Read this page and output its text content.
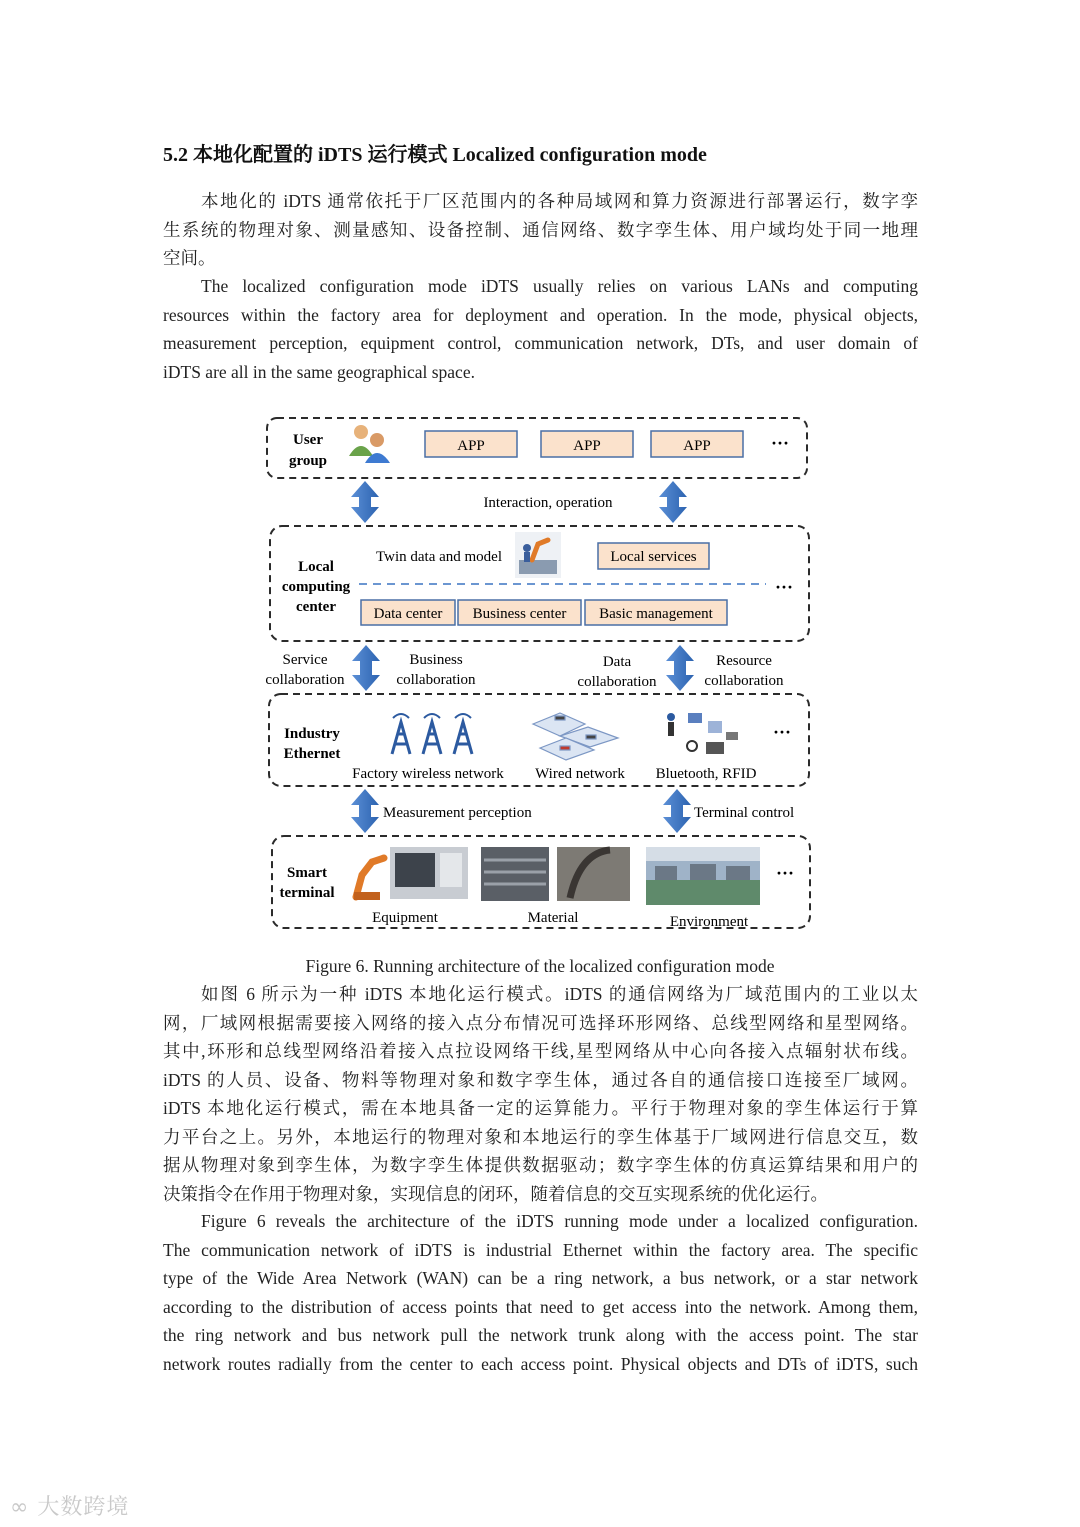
5.2 本地化配置的 iDTS 运行模式 Localized configuration mode
本地化的 iDTS 通常依托于厂区范围内的各种局域网和算力资源进行部署运行，数字孪
生系统的物理对象、测量感知、设备控制、通信网络、数字孪生体、用户域均处于同一地理
空间。
The localized configuration mode iDTS usually relies on various LANs and computing
resources within the factory area for deployment and operation. In the mode, physical objects,
measurement perception, equipment control, communication network, DTs, and user domain of
iDTS are all in the same geographical space.
User
group
APP	APP	APP	···
Interaction, operation
Local
computing
center
Twin data and model	Local services
···
Data center Business center Basic management
Service
collaboration
Business
collaboration
Data
collaboration
Resource
collaboration
Industry
Ethernet
···
Factory wireless network Wired network Bluetooth, RFID
Measurement perception	Terminal control
Smart
terminal
···
Equipment	Material	Environment
Figure 6. Running architecture of the localized configuration mode
如图 6 所示为一种 iDTS 本地化运行模式。iDTS 的通信网络为厂域范围内的工业以太
网，厂域网根据需要接入网络的接入点分布情况可选择环形网络、总线型网络和星型网络。
其中,环形和总线型网络沿着接入点拉设网络干线,星型网络从中心向各接入点辐射状布线。
iDTS 的人员、设备、物料等物理对象和数字孪生体，通过各自的通信接口连接至厂域网。
iDTS 本地化运行模式，需在本地具备一定的运算能力。平行于物理对象的孪生体运行于算
力平台之上。另外，本地运行的物理对象和本地运行的孪生体基于厂域网进行信息交互，数
据从物理对象到孪生体，为数字孪生体提供数据驱动；数字孪生体的仿真运算结果和用户的
决策指令在作用于物理对象，实现信息的闭环，随着信息的交互实现系统的优化运行。
Figure 6 reveals the architecture of the iDTS running mode under a localized configuration.
The communication network of iDTS is industrial Ethernet within the factory area. The specific
type of the Wide Area Network (WAN) can be a ring network, a bus network, or a star network
according to the distribution of access points that need to get access into the network. Among them,
the ring network and bus network pull the network trunk along with the access point. The star
network routes radially from the center to each access point. Physical objects and DTs of iDTS, such
∞ 大数跨境
